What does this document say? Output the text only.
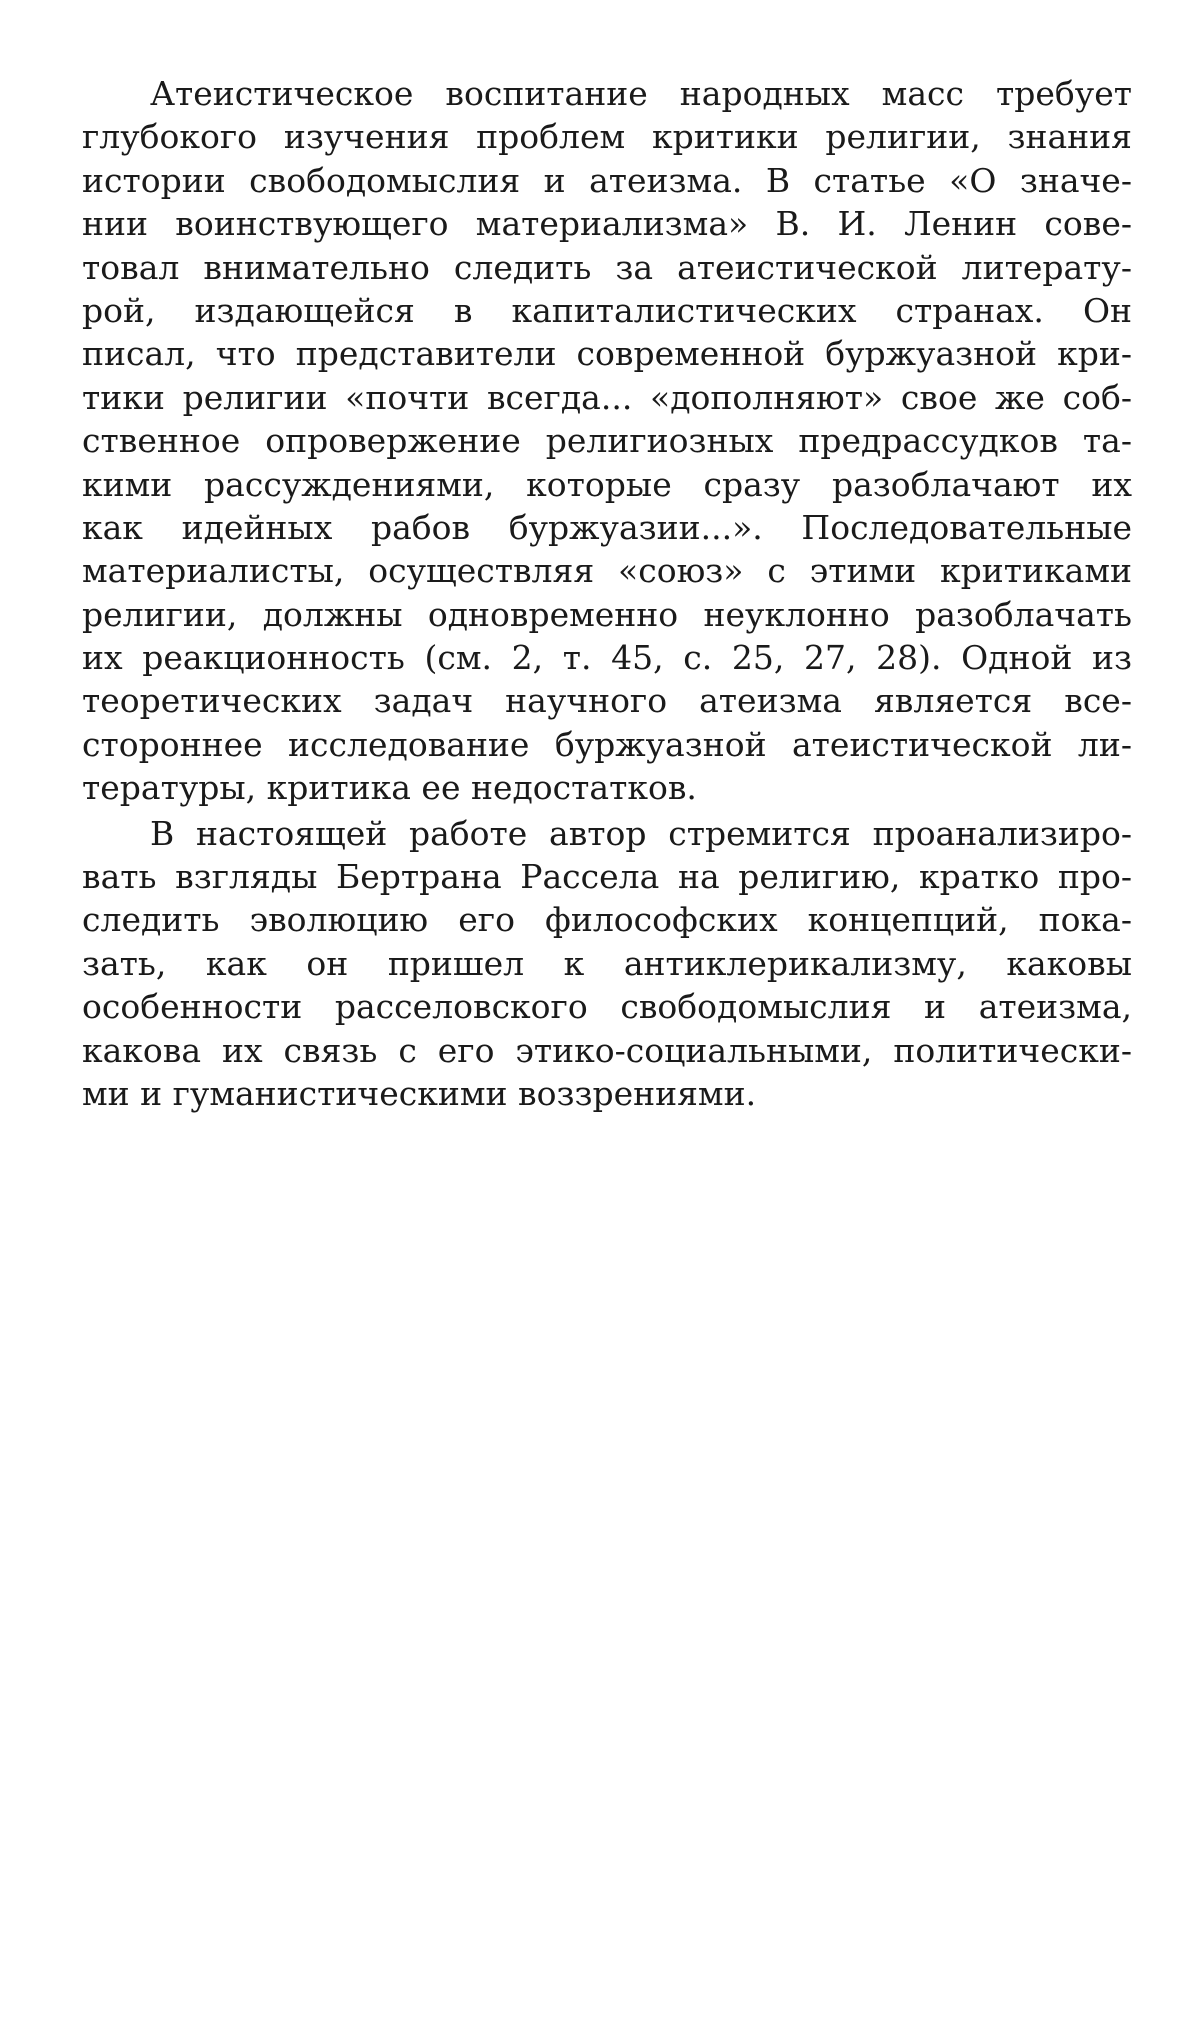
Атеистическое воспитание народных масс требует
глубокого изучения проблем критики религии, знания
истории свободомыслия и атеизма. В статье «О значе-
нии воинствующего материализма» В. И. Ленин сове-
товал внимательно следить за атеистической литерату-
рой, издающейся в капиталистических странах. Он
писал, что представители современной буржуазной кри-
тики религии «почти всегда... «дополняют» свое же соб-
ственное опровержение религиозных предрассудков та-
кими рассуждениями, которые сразу разоблачают их
как идейных рабов буржуазии...». Последовательные
материалисты, осуществляя «союз» с этими критиками
религии, должны одновременно неуклонно разоблачать
их реакционность (см. 2, т. 45, с. 25, 27, 28). Одной из
теоретических задач научного атеизма является все-
стороннее исследование буржуазной атеистической ли-
тературы, критика ее недостатков.
В настоящей работе автор стремится проанализиро-
вать взгляды Бертрана Рассела на религию, кратко про-
следить эволюцию его философских концепций, пока-
зать, как он пришел к антиклерикализму, каковы
особенности расселовского свободомыслия и атеизма,
какова их связь с его этико-социальными, политически-
ми и гуманистическими воззрениями.
